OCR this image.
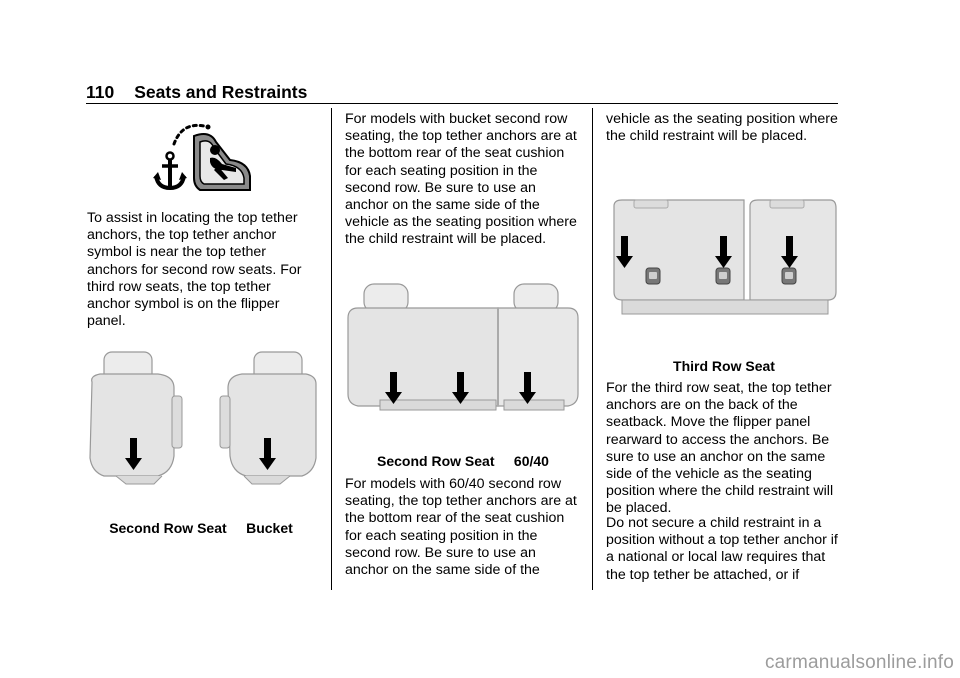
110 Seats and Restraints

To assist in locating the top tether anchors, the top tether anchor symbol is near the top tether anchors for second row seats. For third row seats, the top tether anchor symbol is on the flipper panel.

Second Row Seat     Bucket

For models with bucket second row seating, the top tether anchors are at the bottom rear of the seat cushion for each seating position in the second row. Be sure to use an anchor on the same side of the vehicle as the seating position where the child restraint will be placed.

Second Row Seat     60/40

For models with 60/40 second row seating, the top tether anchors are at the bottom rear of the seat cushion for each seating position in the second row. Be sure to use an anchor on the same side of the

vehicle as the seating position where the child restraint will be placed.

Third Row Seat

For the third row seat, the top tether anchors are on the back of the seatback. Move the flipper panel rearward to access the anchors. Be sure to use an anchor on the same side of the vehicle as the seating position where the child restraint will be placed.

Do not secure a child restraint in a position without a top tether anchor if a national or local law requires that the top tether be attached, or if

carmanualsonline.info
